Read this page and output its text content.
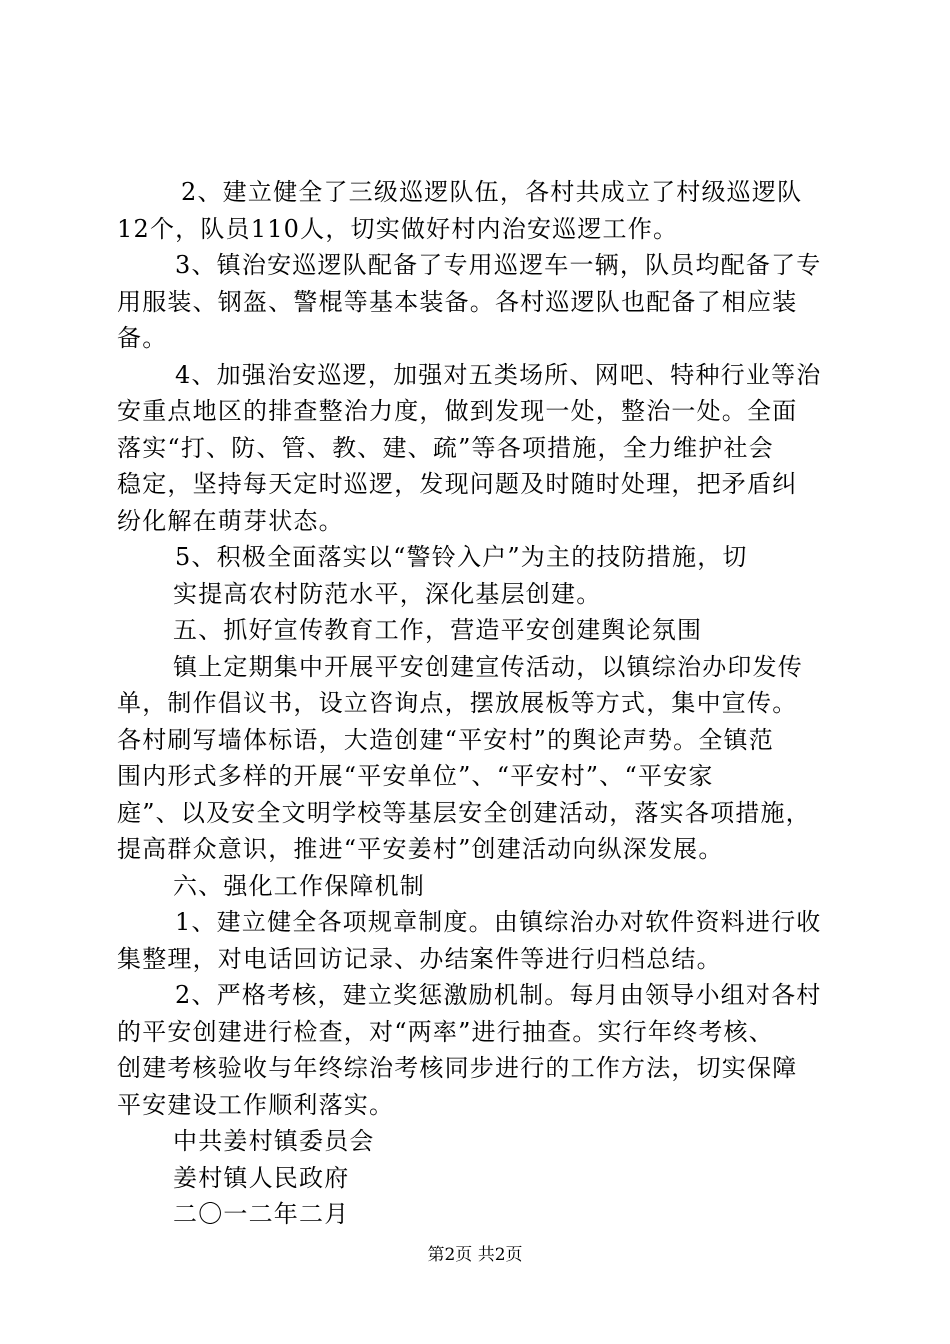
2、建立健全了三级巡逻队伍，各村共成立了村级巡逻队
12个，队员110人，切实做好村内治安巡逻工作。
3、镇治安巡逻队配备了专用巡逻车一辆，队员均配备了专
用服装、钢盔、警棍等基本装备。各村巡逻队也配备了相应装
备。
4、加强治安巡逻，加强对五类场所、网吧、特种行业等治
安重点地区的排查整治力度，做到发现一处，整治一处。全面
落实“打、防、管、教、建、疏”等各项措施，全力维护社会
稳定，坚持每天定时巡逻，发现问题及时随时处理，把矛盾纠
纷化解在萌芽状态。
5、积极全面落实以“警铃入户”为主的技防措施，切
实提高农村防范水平，深化基层创建。
五、抓好宣传教育工作，营造平安创建舆论氛围
镇上定期集中开展平安创建宣传活动，以镇综治办印发传
单，制作倡议书，设立咨询点，摆放展板等方式，集中宣传。
各村刷写墙体标语，大造创建“平安村”的舆论声势。全镇范
围内形式多样的开展“平安单位”、“平安村”、“平安家
庭”、以及安全文明学校等基层安全创建活动，落实各项措施，
提高群众意识，推进“平安姜村”创建活动向纵深发展。
六、强化工作保障机制
1、建立健全各项规章制度。由镇综治办对软件资料进行收
集整理，对电话回访记录、办结案件等进行归档总结。
2、严格考核，建立奖惩激励机制。每月由领导小组对各村
的平安创建进行检查，对“两率”进行抽查。实行年终考核、
创建考核验收与年终综治考核同步进行的工作方法，切实保障
平安建设工作顺利落实。
中共姜村镇委员会
姜村镇人民政府
二〇一二年二月
第2页 共2页
